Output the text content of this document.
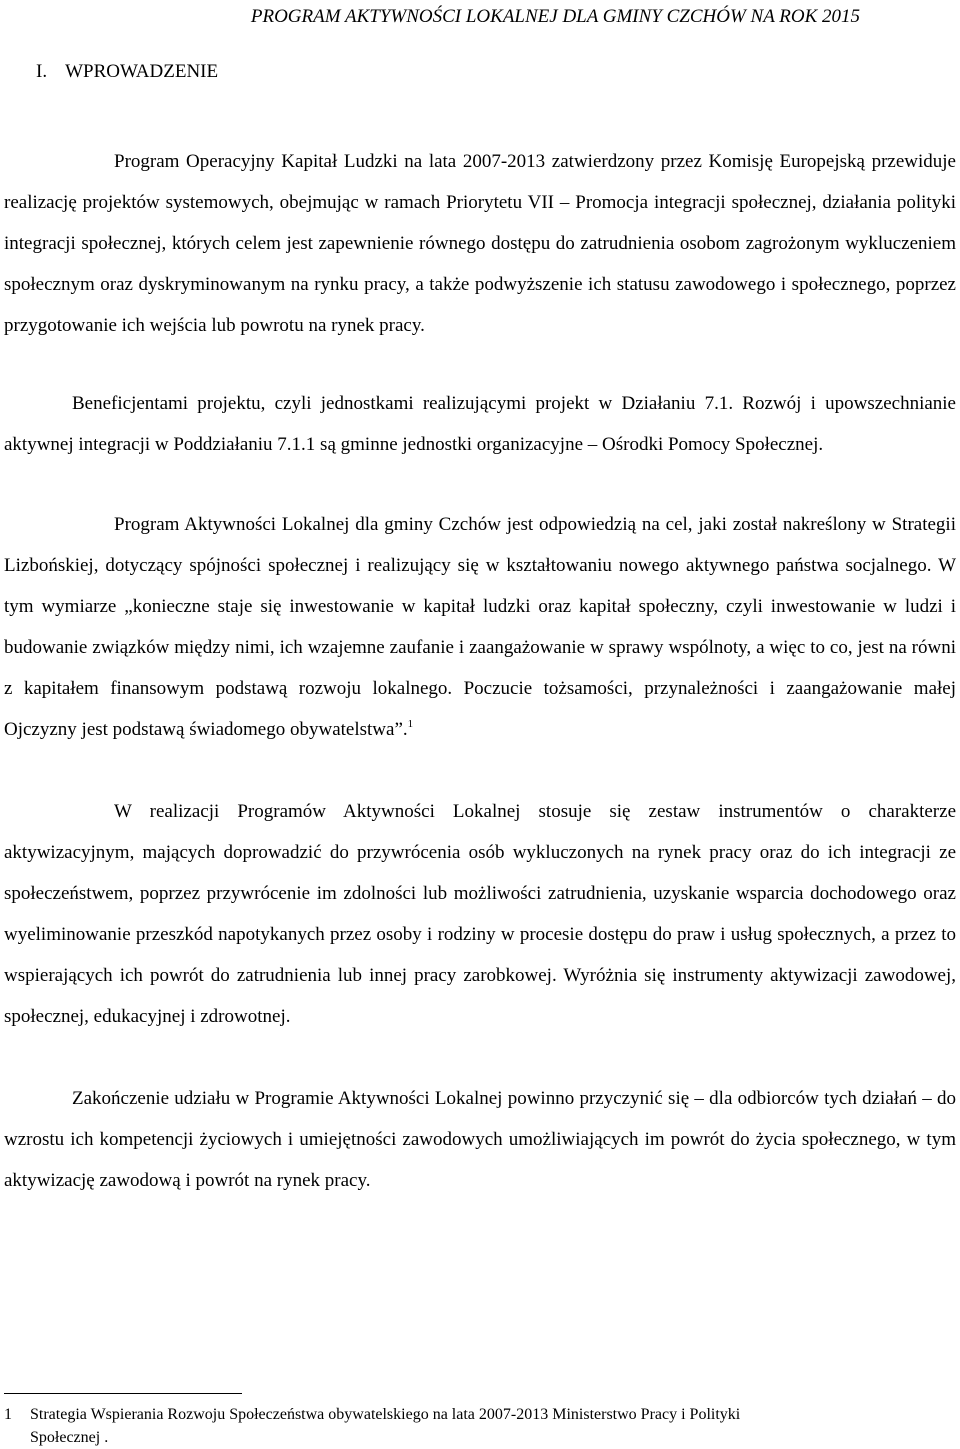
PROGRAM AKTYWNOŚCI LOKALNEJ DLA GMINY CZCHÓW NA ROK 2015
I. WPROWADZENIE

Program Operacyjny Kapitał Ludzki na lata 2007-2013 zatwierdzony przez Komisję Europejską przewiduje realizację projektów systemowych, obejmując w ramach Priorytetu VII – Promocja integracji społecznej, działania polityki integracji społecznej, których celem jest zapewnienie równego dostępu do zatrudnienia osobom zagrożonym wykluczeniem społecznym oraz dyskryminowanym na rynku pracy, a także podwyższenie ich statusu zawodowego i społecznego, poprzez przygotowanie ich wejścia lub powrotu na rynek pracy.

Beneficjentami projektu, czyli jednostkami realizującymi projekt w Działaniu 7.1. Rozwój i upowszechnianie aktywnej integracji w Poddziałaniu 7.1.1 są gminne jednostki organizacyjne – Ośrodki Pomocy Społecznej.

Program Aktywności Lokalnej dla gminy Czchów jest odpowiedzią na cel, jaki został nakreślony w Strategii Lizbońskiej, dotyczący spójności społecznej i realizujący się w kształtowaniu nowego aktywnego państwa socjalnego. W tym wymiarze „konieczne staje się inwestowanie w kapitał ludzki oraz kapitał społeczny, czyli inwestowanie w ludzi i budowanie związków między nimi, ich wzajemne zaufanie i zaangażowanie w sprawy wspólnoty, a więc to co, jest na równi z kapitałem finansowym podstawą rozwoju lokalnego. Poczucie tożsamości, przynależności i zaangażowanie małej Ojczyzny jest podstawą świadomego obywatelstwa”.$^1$

W realizacji Programów Aktywności Lokalnej stosuje się zestaw instrumentów o charakterze aktywizacyjnym, mających doprowadzić do przywrócenia osób wykluczonych na rynek pracy oraz do ich integracji ze społeczeństwem, poprzez przywrócenie im zdolności lub możliwości zatrudnienia, uzyskanie wsparcia dochodowego oraz wyeliminowanie przeszkód napotykanych przez osoby i rodziny w procesie dostępu do praw i usług społecznych, a przez to wspierających ich powrót do zatrudnienia lub innej pracy zarobkowej. Wyróżnia się instrumenty aktywizacji zawodowej, społecznej, edukacyjnej i zdrowotnej.

Zakończenie udziału w Programie Aktywności Lokalnej powinno przyczynić się – dla odbiorców tych działań – do wzrostu ich kompetencji życiowych i umiejętności zawodowych umożliwiających im powrót do życia społecznego, w tym aktywizację zawodową i powrót na rynek pracy.

1 Strategia Wspierania Rozwoju Społeczeństwa obywatelskiego na lata 2007-2013 Ministerstwo Pracy i Polityki
Społecznej .
